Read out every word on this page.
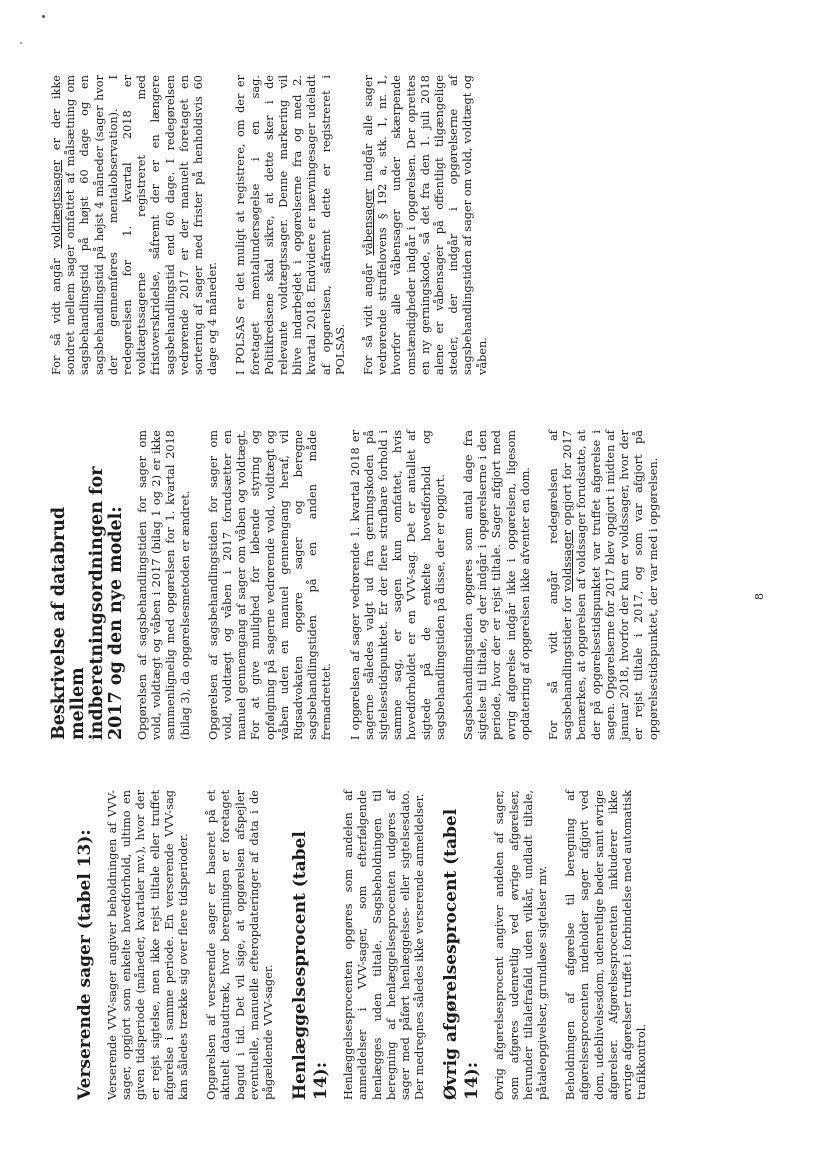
Verserende sager (tabel 13): Verserende VVV-sager angiver beholdningen af VVV-sager, opgjort som enkelte hovedforhold, ultimo en given tidsperiode (måneder, kvartaler mv.), hvor der er rejst sigtelse, men ikke rejst tiltale eller truffet afgørelse i samme periode. En verserende VVV-sag kan således trække sig over flere tidsperioder. Opgørelsen af verserende sager er baseret på et aktuelt dataudtræk, hvor beregningen er foretaget bagud i tid. Det vil sige, at opgørelsen afspejler eventuelle, manuelle efteropdateringer af data i de pågældende VVV-sager. Henlæggelsesprocent (tabel 14): Henlæggelsesprocenten opgøres som andelen af anmeldelser i VVV-sager, som efterfølgende henlægges uden tiltale. Sagsbeholdningen til beregning af henlæggelsesprocenten udgøres af sager med påført henlæggelses- eller sigtelsesdato. Der medregnes således ikke verserende anmeldelser. Øvrig afgørelsesprocent (tabel 14): Øvrig afgørelsesprocent angiver andelen af sager, som afgøres udenretlig ved øvrige afgørelser, herunder tiltalefrafald uden vilkår, undladt tiltale, påtaleopgivelser, grundløse sigtelser mv. Beholdningen af afgørelse til beregning af afgørelsesprocenten indeholder sager afgjort ved dom, udeblivelsesdom, udenretlige bøder samt øvrige afgørelser. Afgørelsesprocenten inkluderer ikke øvrige afgørelser truffet i forbindelse med automatisk trafikkontrol.

Beskrivelse af databrud mellem indberetningsordningen for 2017 og den nye model: Opgørelsen af sagsbehandlingstiden for sager om vold, voldtægt og våben i 2017 (bilag 1 og 2) er ikke sammenlignelig med opgørelsen for 1. kvartal 2018 (bilag 3), da opgørelsesmetoden er ændret. Opgørelsen af sagsbehandlingstiden for sager om vold, voldtægt og våben i 2017 forudsætter en manuel gennemgang af sager om våben og voldtægt. For at give mulighed for løbende styring og opfølgning på sagerne vedrørende vold, voldtægt og våben uden en manuel gennemgang heraf, vil Rigsadvokaten opgøre sager og beregne sagsbehandlingstiden på en anden måde fremadrettet. I opgørelsen af sager vedrørende 1. kvartal 2018 er sagerne således valgt ud fra gerningskoden på sigtelsestidspunktet. Er der flere strafbare forhold i samme sag, er sagen kun omfattet, hvis hovedforholdet er en VVV-sag. Det er antallet af sigtede på de enkelte hovedforhold og sagsbehandlingstiden på disse, der er opgjort. Sagsbehandlingstiden opgøres som antal dage fra sigtelse til tiltale, og der indgår i opgørelserne i den periode, hvor der er rejst tiltale. Sager afgjort med øvrig afgørelse indgår ikke i opgørelsen, ligesom opdatering af opgørelsen ikke afventer en dom. For så vidt angår redegørelsen af sagsbehandlingstider for voldssager opgjort for 2017 bemærkes, at opgørelsen af voldssager forudsatte, at der på opgørelsestidspunktet var truffet afgørelse i sagen. Opgørelserne for 2017 blev opgjort i midten af januar 2018, hvorfor der kun er voldssager, hvor der er rejst tiltale i 2017, og som var afgjort på opgørelsestidspunktet, der var med i opgørelsen.

For så vidt angår voldtægtssager er der ikke sondret mellem sager omfattet af målsætning om sagsbehandlingstid på højst 60 dage og en sagsbehandlingstid på højst 4 måneder (sager hvor der gennemføres mentalobservation). I redegørelsen for 1. kvartal 2018 er voldtægtssagerne registreret med fristoverskridelse, såfremt der er en længere sagsbehandlingstid end 60 dage. I redegørelsen vedrørende 2017 er der manuelt foretaget en sortering af sager med frister på henholdsvis 60 dage og 4 måneder. I POLSAS er det muligt at registrere, om der er foretaget mentalundersøgelse i en sag. Politikredsene skal sikre, at dette sker i de relevante voldtægtssager. Denne markering vil blive indarbejdet i opgørelserne fra og med 2. kvartal 2018. Endvidere er nævningesager udeladt af opgørelsen, såfremt dette er registreret i POLSAS. For så vidt angår våbensager indgår alle sager vedrørende straffelovens § 192 a, stk. 1, nr. 1, hvorfor alle våbensager under skærpende omstændigheder indgår i opgørelsen. Der oprettes en ny gerningskode, så det fra den 1. juli 2018 alene er våbensager på offentligt tilgængelige steder, der indgår i opgørelserne af sagsbehandlingstiden af sager om vold, voldtægt og våben.

8
